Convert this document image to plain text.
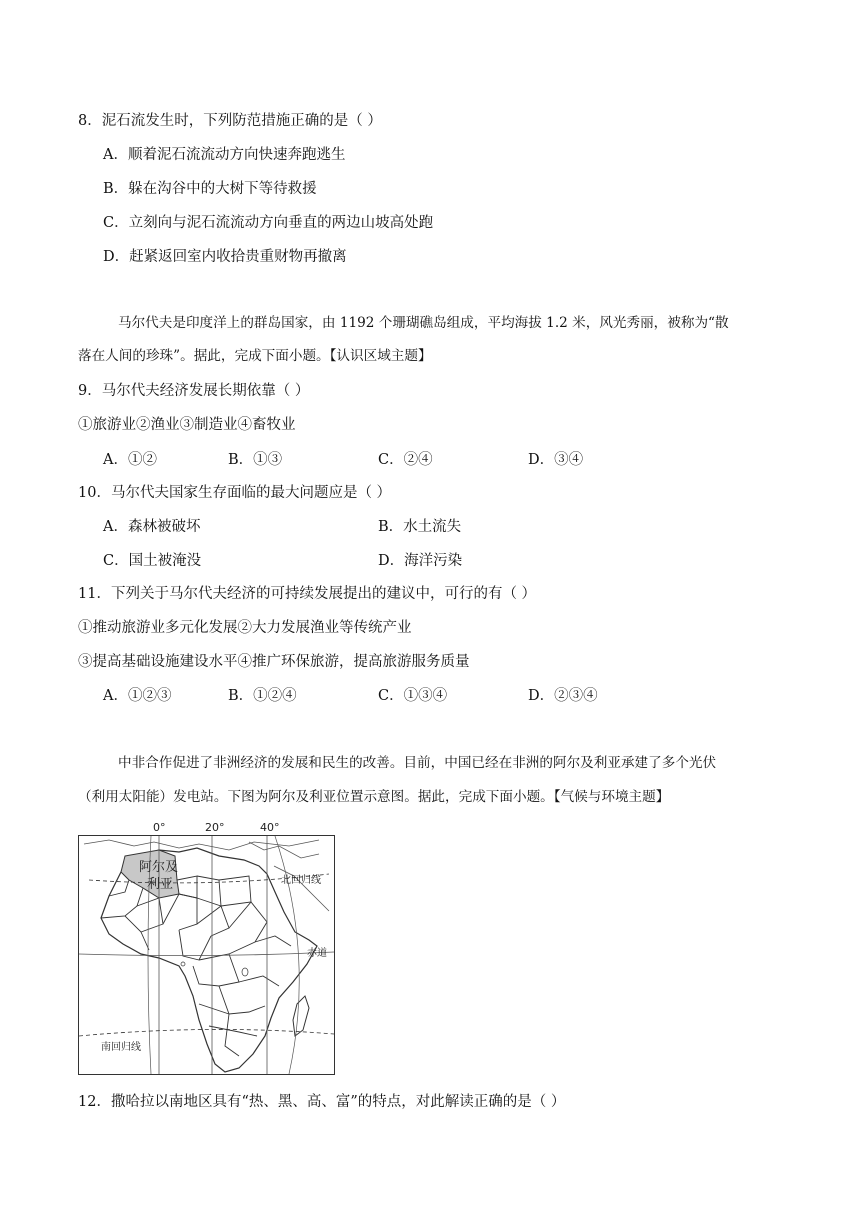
8．泥石流发生时，下列防范措施正确的是（ ）
A．顺着泥石流流动方向快速奔跑逃生
B．躲在沟谷中的大树下等待救援
C．立刻向与泥石流流动方向垂直的两边山坡高处跑
D．赶紧返回室内收拾贵重财物再撤离
马尔代夫是印度洋上的群岛国家，由 1192 个珊瑚礁岛组成，平均海拔 1.2 米，风光秀丽，被称为“散
落在人间的珍珠”。据此，完成下面小题。【认识区域主题】
9．马尔代夫经济发展长期依靠（ ）
①旅游业②渔业③制造业④畜牧业
A．①②	B．①③	C．②④	D．③④
10．马尔代夫国家生存面临的最大问题应是（ ）
A．森林被破坏	B．水土流失
C．国土被淹没	D．海洋污染
11．下列关于马尔代夫经济的可持续发展提出的建议中，可行的有（ ）
①推动旅游业多元化发展②大力发展渔业等传统产业
③提高基础设施建设水平④推广环保旅游，提高旅游服务质量
A．①②③	B．①②④	C．①③④	D．②③④
中非合作促进了非洲经济的发展和民生的改善。目前，中国已经在非洲的阿尔及利亚承建了多个光伏
（利用太阳能）发电站。下图为阿尔及利亚位置示意图。据此，完成下面小题。【气候与环境主题】
0°	20°	40°
阿尔及
利亚	北回归线
赤道
南回归线
12．撒哈拉以南地区具有“热、黑、高、富”的特点，对此解读正确的是（ ）
